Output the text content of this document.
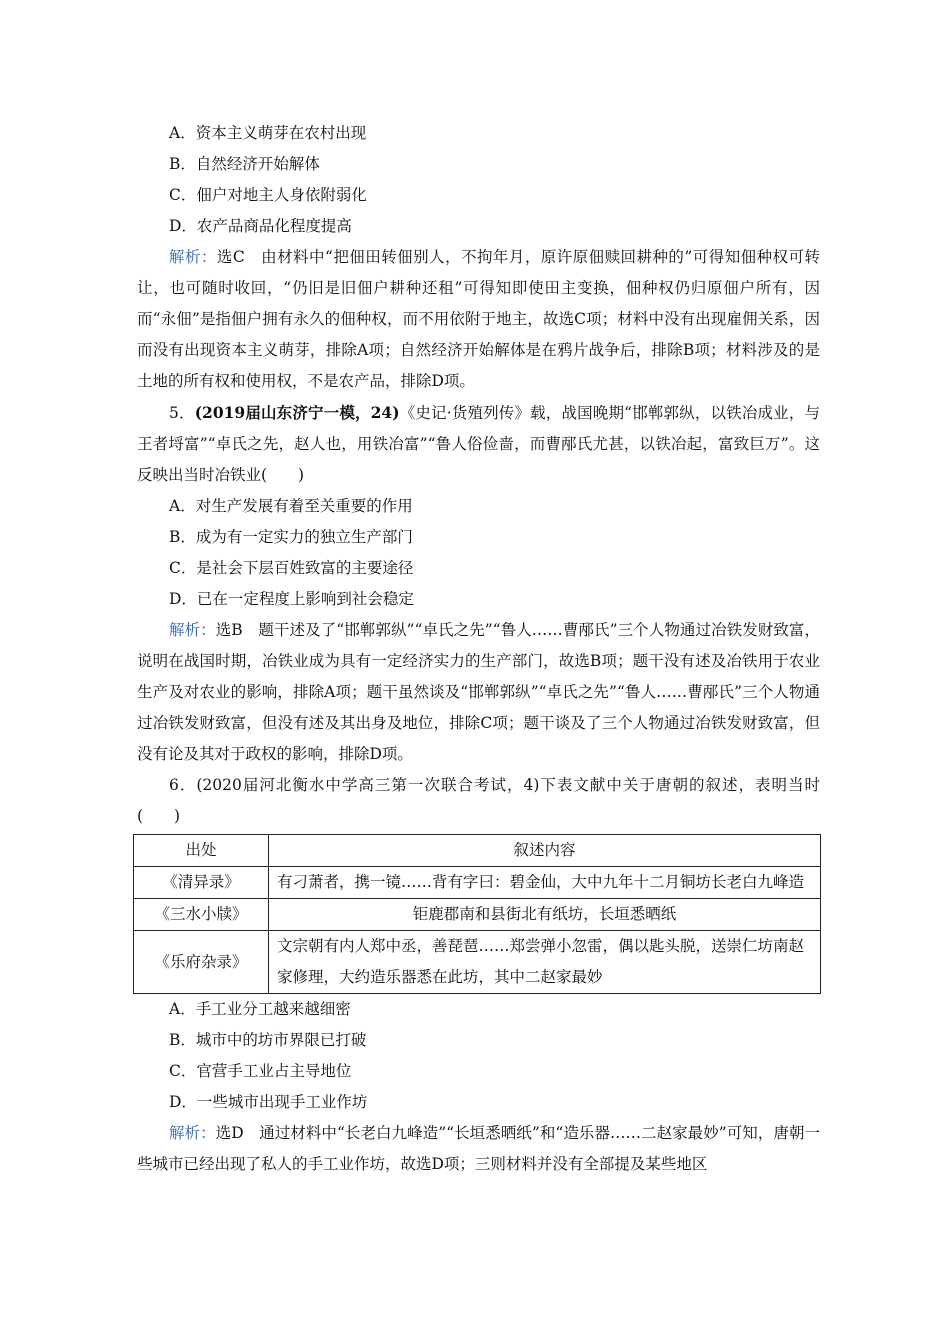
A．资本主义萌芽在农村出现
B．自然经济开始解体
C．佃户对地主人身依附弱化
D．农产品商品化程度提高

解析：选C　由材料中“把佃田转佃别人，不拘年月，原许原佃赎回耕种的”可得知佃种权可转让，也可随时收回，“仍旧是旧佃户耕种还租”可得知即使田主变换，佃种权仍归原佃户所有，因而“永佃”是指佃户拥有永久的佃种权，而不用依附于地主，故选C项；材料中没有出现雇佣关系，因而没有出现资本主义萌芽，排除A项；自然经济开始解体是在鸦片战争后，排除B项；材料涉及的是土地的所有权和使用权，不是农产品，排除D项。

5．(2019届山东济宁一模，24)《史记·货殖列传》载，战国晚期“邯郸郭纵，以铁冶成业，与王者埒富”“卓氏之先，赵人也，用铁冶富”“鲁人俗俭啬，而曹邴氏尤甚，以铁冶起，富致巨万”。这反映出当时冶铁业(　　)

A．对生产发展有着至关重要的作用
B．成为有一定实力的独立生产部门
C．是社会下层百姓致富的主要途径
D．已在一定程度上影响到社会稳定

解析：选B　题干述及了“邯郸郭纵”“卓氏之先”“鲁人……曹邴氏”三个人物通过冶铁发财致富，说明在战国时期，冶铁业成为具有一定经济实力的生产部门，故选B项；题干没有述及冶铁用于农业生产及对农业的影响，排除A项；题干虽然谈及“邯郸郭纵”“卓氏之先”“鲁人……曹邴氏”三个人物通过冶铁发财致富，但没有述及其出身及地位，排除C项；题干谈及了三个人物通过冶铁发财致富，但没有论及其对于政权的影响，排除D项。

6．(2020届河北衡水中学高三第一次联合考试，4)下表文献中关于唐朝的叙述，表明当时(　　)

出处	叙述内容
《清异录》	有刁萧者，携一镜……背有字曰：碧金仙，大中九年十二月铜坊长老白九峰造
《三水小牍》	钜鹿郡南和县街北有纸坊，长垣悉晒纸
《乐府杂录》	文宗朝有内人郑中丞，善琵琶……郑尝弹小忽雷，偶以匙头脱，送崇仁坊南赵家修理，大约造乐器悉在此坊，其中二赵家最妙
A．手工业分工越来越细密
B．城市中的坊市界限已打破
C．官营手工业占主导地位
D．一些城市出现手工业作坊

解析：选D　通过材料中“长老白九峰造”“长垣悉晒纸”和“造乐器……二赵家最妙”可知，唐朝一些城市已经出现了私人的手工业作坊，故选D项；三则材料并没有全部提及某些地区
